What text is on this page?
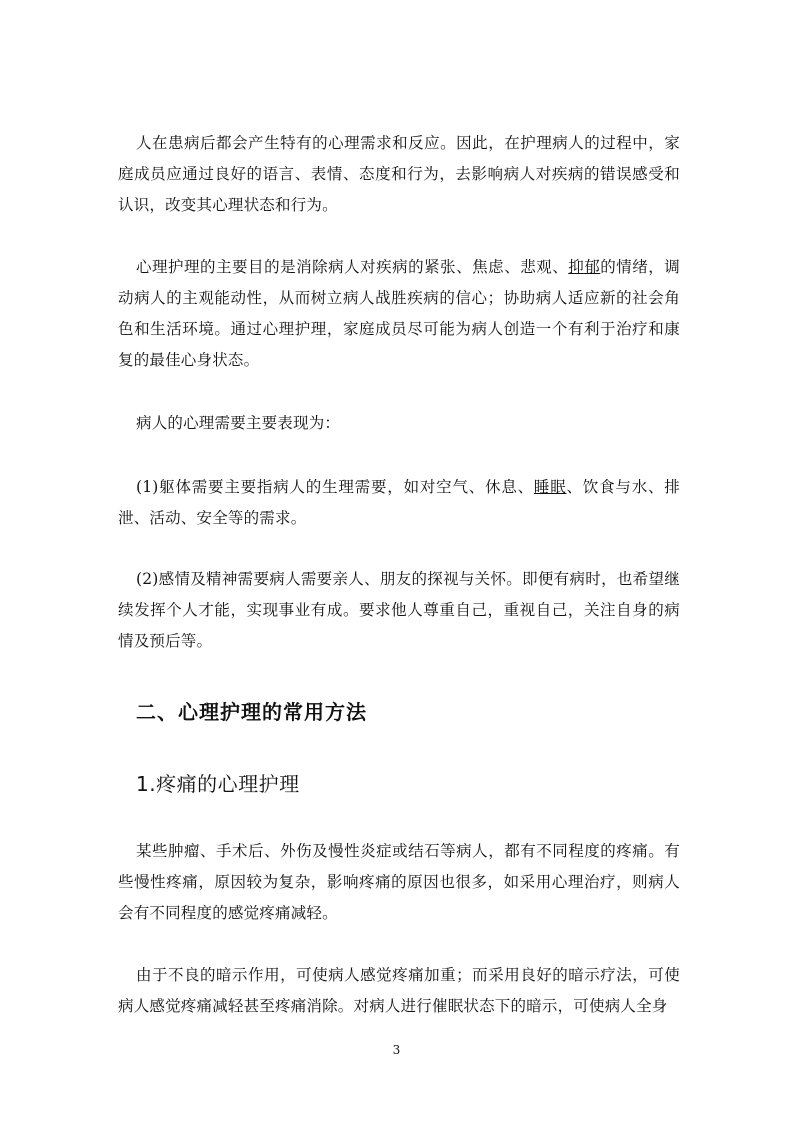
人在患病后都会产生特有的心理需求和反应。因此，在护理病人的过程中，家庭成员应通过良好的语言、表情、态度和行为，去影响病人对疾病的错误感受和认识，改变其心理状态和行为。

心理护理的主要目的是消除病人对疾病的紧张、焦虑、悲观、抑郁的情绪，调动病人的主观能动性，从而树立病人战胜疾病的信心；协助病人适应新的社会角色和生活环境。通过心理护理，家庭成员尽可能为病人创造一个有利于治疗和康复的最佳心身状态。

病人的心理需要主要表现为：

(1)躯体需要主要指病人的生理需要，如对空气、休息、睡眠、饮食与水、排泄、活动、安全等的需求。

(2)感情及精神需要病人需要亲人、朋友的探视与关怀。即便有病时，也希望继续发挥个人才能，实现事业有成。要求他人尊重自己，重视自己，关注自身的病情及预后等。

二、心理护理的常用方法
1.疼痛的心理护理

某些肿瘤、手术后、外伤及慢性炎症或结石等病人，都有不同程度的疼痛。有些慢性疼痛，原因较为复杂，影响疼痛的原因也很多，如采用心理治疗，则病人会有不同程度的感觉疼痛减轻。

由于不良的暗示作用，可使病人感觉疼痛加重；而采用良好的暗示疗法，可使病人感觉疼痛减轻甚至疼痛消除。对病人进行催眠状态下的暗示，可使病人全身

3
